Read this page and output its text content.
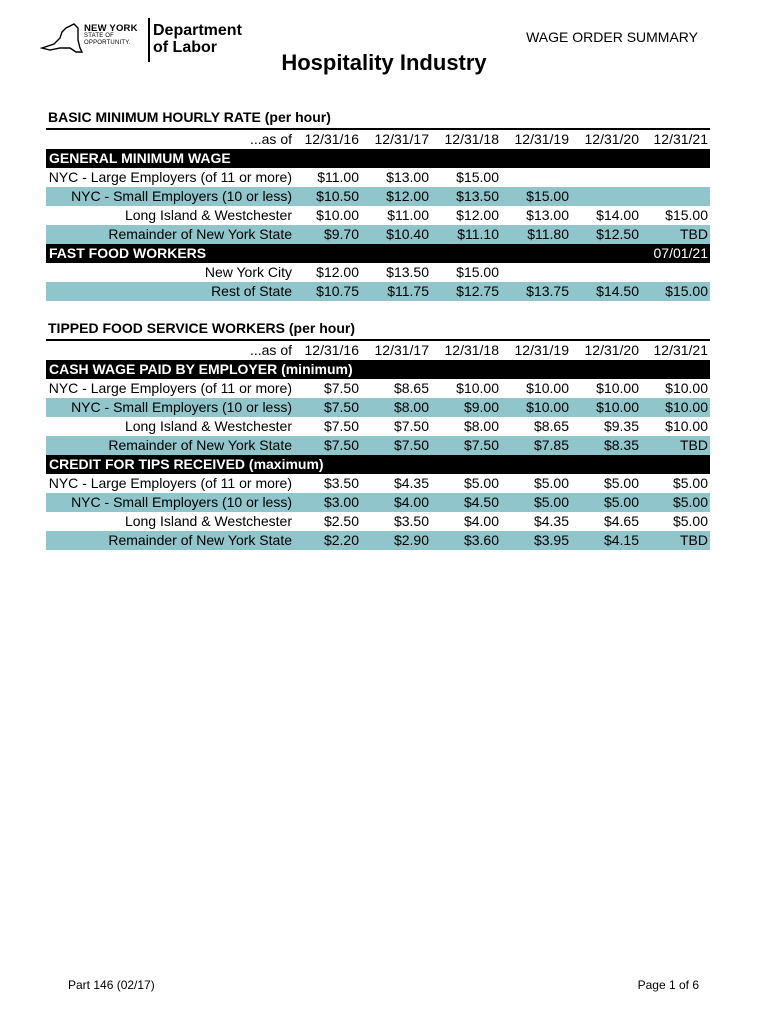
NEW YORK
STATE OF
OPPORTUNITY.
Department
of Labor
WAGE ORDER SUMMARY
Hospitality Industry
BASIC MINIMUM HOURLY RATE (per hour)
...as of	12/31/16	12/31/17	12/31/18	12/31/19	12/31/20	12/31/21
GENERAL MINIMUM WAGE						
NYC - Large Employers (of 11 or more)	$11.00	$13.00	$15.00			
NYC - Small Employers (10 or less)	$10.50	$12.00	$13.50	$15.00		
Long Island & Westchester	$10.00	$11.00	$12.00	$13.00	$14.00	$15.00
Remainder of New York State	$9.70	$10.40	$11.10	$11.80	$12.50	TBD
FAST FOOD WORKERS						07/01/21
New York City	$12.00	$13.50	$15.00			
Rest of State	$10.75	$11.75	$12.75	$13.75	$14.50	$15.00
TIPPED FOOD SERVICE WORKERS (per hour)
...as of	12/31/16	12/31/17	12/31/18	12/31/19	12/31/20	12/31/21
CASH WAGE PAID BY EMPLOYER (minimum)						
NYC - Large Employers (of 11 or more)	$7.50	$8.65	$10.00	$10.00	$10.00	$10.00
NYC - Small Employers (10 or less)	$7.50	$8.00	$9.00	$10.00	$10.00	$10.00
Long Island & Westchester	$7.50	$7.50	$8.00	$8.65	$9.35	$10.00
Remainder of New York State	$7.50	$7.50	$7.50	$7.85	$8.35	TBD
CREDIT FOR TIPS RECEIVED (maximum)						
NYC - Large Employers (of 11 or more)	$3.50	$4.35	$5.00	$5.00	$5.00	$5.00
NYC - Small Employers (10 or less)	$3.00	$4.00	$4.50	$5.00	$5.00	$5.00
Long Island & Westchester	$2.50	$3.50	$4.00	$4.35	$4.65	$5.00
Remainder of New York State	$2.20	$2.90	$3.60	$3.95	$4.15	TBD
Part 146 (02/17)	Page 1 of 6
